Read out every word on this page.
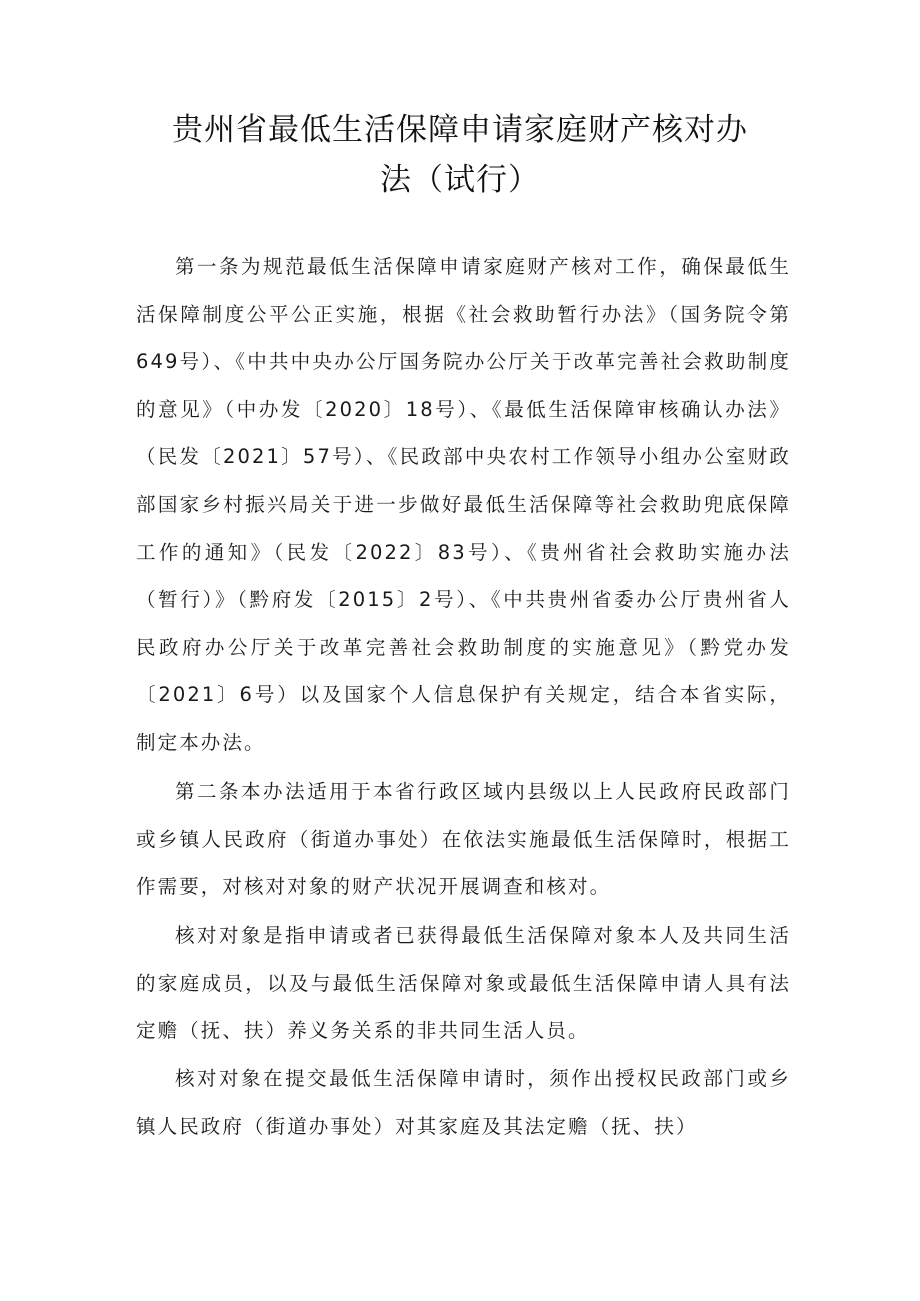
贵州省最低生活保障申请家庭财产核对办
法（试行）

第一条为规范最低生活保障申请家庭财产核对工作，确保最低生活保障制度公平公正实施，根据《社会救助暂行办法》（国务院令第649号）、《中共中央办公厅国务院办公厅关于改革完善社会救助制度的意见》（中办发〔2020〕18号）、《最低生活保障审核确认办法》（民发〔2021〕57号）、《民政部中央农村工作领导小组办公室财政部国家乡村振兴局关于进一步做好最低生活保障等社会救助兜底保障工作的通知》（民发〔2022〕83号）、《贵州省社会救助实施办法（暂行）》（黔府发〔2015〕2号）、《中共贵州省委办公厅贵州省人民政府办公厅关于改革完善社会救助制度的实施意见》（黔党办发〔2021〕6号）以及国家个人信息保护有关规定，结合本省实际，制定本办法。

第二条本办法适用于本省行政区域内县级以上人民政府民政部门或乡镇人民政府（街道办事处）在依法实施最低生活保障时，根据工作需要，对核对对象的财产状况开展调查和核对。

核对对象是指申请或者已获得最低生活保障对象本人及共同生活的家庭成员，以及与最低生活保障对象或最低生活保障申请人具有法定赡（抚、扶）养义务关系的非共同生活人员。

核对对象在提交最低生活保障申请时，须作出授权民政部门或乡镇人民政府（街道办事处）对其家庭及其法定赡（抚、扶）
